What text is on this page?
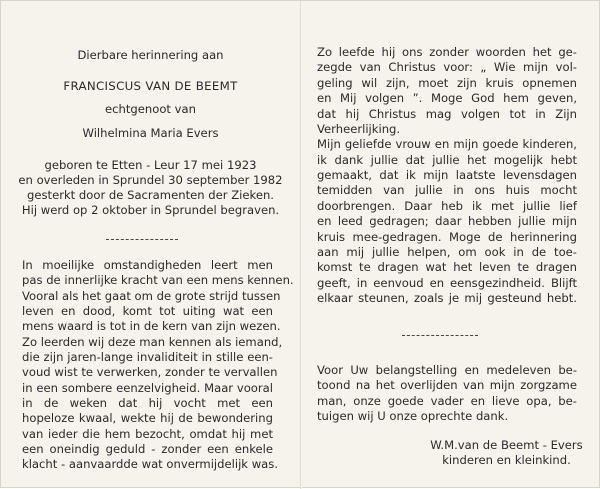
Dierbare herinnering aan
FRANCISCUS VAN DE BEEMT
echtgenoot van
Wilhelmina Maria Evers
geboren te Etten - Leur 17 mei 1923
en overleden in Sprundel 30 september 1982
gesterkt door de Sacramenten der Zieken.
Hij werd op 2 oktober in Sprundel begraven.
In moeilijke omstandigheden leert men
pas de innerlijke kracht van een mens kennen.
Vooral als het gaat om de grote strijd tussen
leven en dood, komt tot uiting wat een
mens waard is tot in de kern van zijn wezen.
Zo leerden wij deze man kennen als iemand,
die zijn jaren-lange invaliditeit in stille een-
voud wist te verwerken, zonder te vervallen
in een sombere eenzelvigheid. Maar vooral
in de weken dat hij vocht met een
hopeloze kwaal, wekte hij de bewondering
van ieder die hem bezocht, omdat hij met
een oneindig geduld - zonder een enkele
klacht - aanvaardde wat onvermijdelijk was.
Zo leefde hij ons zonder woorden het ge-
zegde van Christus voor: „ Wie mijn vol-
geling wil zijn, moet zijn kruis opnemen
en Mij volgen ”. Moge God hem geven,
dat hij Christus mag volgen tot in Zijn
Verheerlijking.
Mijn geliefde vrouw en mijn goede kinderen,
ik dank jullie dat jullie het mogelijk hebt
gemaakt, dat ik mijn laatste levensdagen
temidden van jullie in ons huis mocht
doorbrengen. Daar heb ik met jullie lief
en leed gedragen; daar hebben jullie mijn
kruis mee-gedragen. Moge de herinnering
aan mij jullie helpen, om ook in de toe-
komst te dragen wat het leven te dragen
geeft, in eenvoud en eensgezindheid. Blijft
elkaar steunen, zoals je mij gesteund hebt.
Voor Uw belangstelling en medeleven be-
toond na het overlijden van mijn zorgzame
man, onze goede vader en lieve opa, be-
tuigen wij U onze oprechte dank.
W.M.van de Beemt - Evers
kinderen en kleinkind.
